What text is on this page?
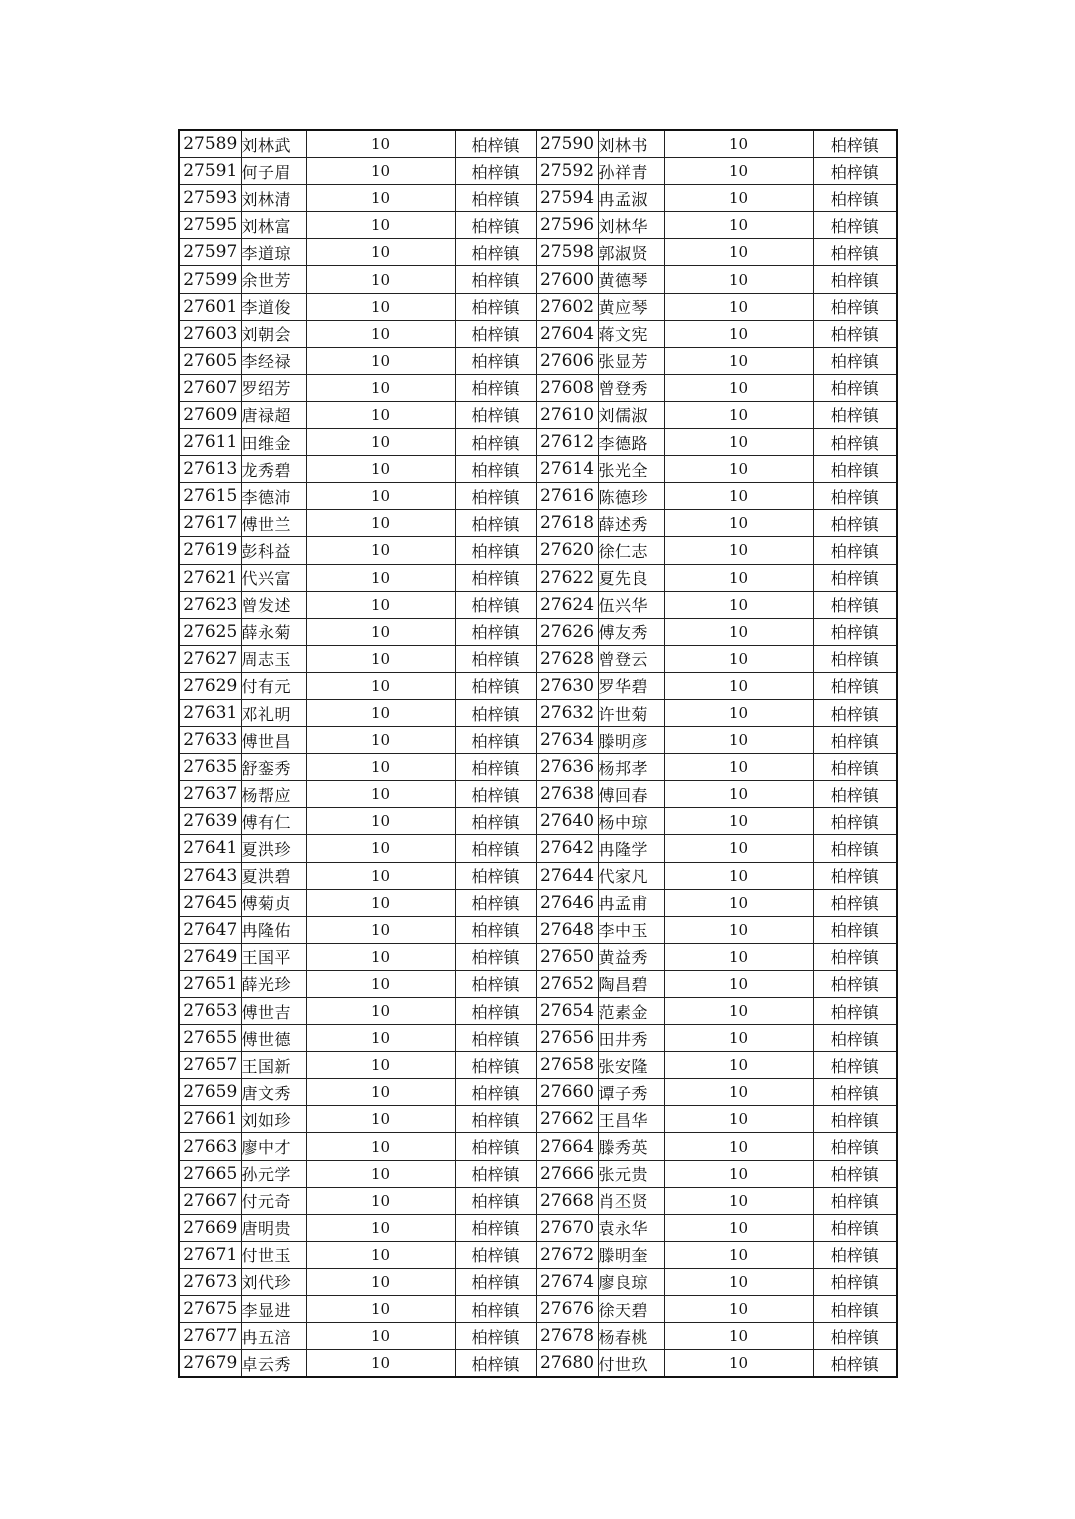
27589	刘林武	10	柏梓镇	27590	刘林书	10	柏梓镇
27591	何子眉	10	柏梓镇	27592	孙祥青	10	柏梓镇
27593	刘林清	10	柏梓镇	27594	冉孟淑	10	柏梓镇
27595	刘林富	10	柏梓镇	27596	刘林华	10	柏梓镇
27597	李道琼	10	柏梓镇	27598	郭淑贤	10	柏梓镇
27599	余世芳	10	柏梓镇	27600	黄德琴	10	柏梓镇
27601	李道俊	10	柏梓镇	27602	黄应琴	10	柏梓镇
27603	刘朝会	10	柏梓镇	27604	蒋文宪	10	柏梓镇
27605	李经禄	10	柏梓镇	27606	张显芳	10	柏梓镇
27607	罗绍芳	10	柏梓镇	27608	曾登秀	10	柏梓镇
27609	唐禄超	10	柏梓镇	27610	刘儒淑	10	柏梓镇
27611	田维金	10	柏梓镇	27612	李德路	10	柏梓镇
27613	龙秀碧	10	柏梓镇	27614	张光全	10	柏梓镇
27615	李德沛	10	柏梓镇	27616	陈德珍	10	柏梓镇
27617	傅世兰	10	柏梓镇	27618	薛述秀	10	柏梓镇
27619	彭科益	10	柏梓镇	27620	徐仁志	10	柏梓镇
27621	代兴富	10	柏梓镇	27622	夏先良	10	柏梓镇
27623	曾发述	10	柏梓镇	27624	伍兴华	10	柏梓镇
27625	薛永菊	10	柏梓镇	27626	傅友秀	10	柏梓镇
27627	周志玉	10	柏梓镇	27628	曾登云	10	柏梓镇
27629	付有元	10	柏梓镇	27630	罗华碧	10	柏梓镇
27631	邓礼明	10	柏梓镇	27632	许世菊	10	柏梓镇
27633	傅世昌	10	柏梓镇	27634	滕明彦	10	柏梓镇
27635	舒銮秀	10	柏梓镇	27636	杨邦孝	10	柏梓镇
27637	杨帮应	10	柏梓镇	27638	傅回春	10	柏梓镇
27639	傅有仁	10	柏梓镇	27640	杨中琼	10	柏梓镇
27641	夏洪珍	10	柏梓镇	27642	冉隆学	10	柏梓镇
27643	夏洪碧	10	柏梓镇	27644	代家凡	10	柏梓镇
27645	傅菊贞	10	柏梓镇	27646	冉孟甫	10	柏梓镇
27647	冉隆佑	10	柏梓镇	27648	李中玉	10	柏梓镇
27649	王国平	10	柏梓镇	27650	黄益秀	10	柏梓镇
27651	薛光珍	10	柏梓镇	27652	陶昌碧	10	柏梓镇
27653	傅世吉	10	柏梓镇	27654	范素金	10	柏梓镇
27655	傅世德	10	柏梓镇	27656	田井秀	10	柏梓镇
27657	王国新	10	柏梓镇	27658	张安隆	10	柏梓镇
27659	唐文秀	10	柏梓镇	27660	谭子秀	10	柏梓镇
27661	刘如珍	10	柏梓镇	27662	王昌华	10	柏梓镇
27663	廖中才	10	柏梓镇	27664	滕秀英	10	柏梓镇
27665	孙元学	10	柏梓镇	27666	张元贵	10	柏梓镇
27667	付元奇	10	柏梓镇	27668	肖丕贤	10	柏梓镇
27669	唐明贵	10	柏梓镇	27670	袁永华	10	柏梓镇
27671	付世玉	10	柏梓镇	27672	滕明奎	10	柏梓镇
27673	刘代珍	10	柏梓镇	27674	廖良琼	10	柏梓镇
27675	李显进	10	柏梓镇	27676	徐天碧	10	柏梓镇
27677	冉五涪	10	柏梓镇	27678	杨春桃	10	柏梓镇
27679	卓云秀	10	柏梓镇	27680	付世玖	10	柏梓镇
